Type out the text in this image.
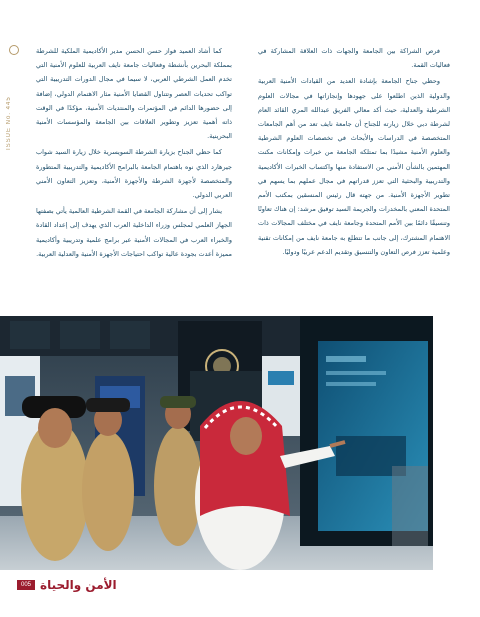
ISSUE No. 445

فرص الشراكة بين الجامعة والجهات ذات العلاقة المشاركة في فعاليات القمة.

وحظي جناح الجامعة بإشادة العديد من القيادات الأمنية العربية والدولية الذين اطلعوا على جهودها وإنجازاتها في مجالات العلوم الشرطية والعدلية، حيث أكد معالي الفريق عبدالله المري القائد العام لشرطة دبي خلال زيارته للجناح أن جامعة نايف تعد من أهم الجامعات المتخصصة في الدراسات والأبحاث في تخصصات العلوم الشرطية والعلوم الأمنية مشيدًا بما تمتلكه الجامعة من خبرات وإمكانات مكنت المهتمين بالشأن الأمني من الاستفادة منها واكتساب الخبرات الأكاديمية والتدريبية والبحثية التي تعزز قدراتهم في مجال عملهم بما يسهم في تطوير الأجهزة الأمنية. من جهته قال رئيس المنسقين بمكتب الأمم المتحدة المعني بالمخدرات والجريمة السيد توفيق مرشد: إن هناك تعاونًا وتنسيقًا دائمًا بين الأمم المتحدة وجامعة نايف في مختلف المجالات ذات الاهتمام المشترك، إلى جانب ما تتطلع به جامعة نايف من إمكانات تقنية وعلمية تعزز فرص التعاون والتنسيق وتقديم الدعم عربيًا ودوليًا.

كما أشاد العميد فواز حسن الحسن مدير الأكاديمية الملكية للشرطة بمملكة البحرين بأنشطة وفعاليات جامعة نايف العربية للعلوم الأمنية التي تخدم العمل الشرطي العربي، لا سيما في مجال الدورات التدريبية التي تواكب تحديات العصر وتتناول القضايا الأمنية مثار الاهتمام الدولي، إضافة إلى حضورها الدائم في المؤتمرات والمنتديات الأمنية، مؤكدًا في الوقت ذاته أهمية تعزيز وتطوير العلاقات بين الجامعة والمؤسسات الأمنية البحرينية.

كما حظي الجناح بزيارة الشرطة السويسرية خلال زيارة السيد شواب جيرهارد الذي نوه باهتمام الجامعة بالبرامج الأكاديمية والتدريبية المتطورة والمتخصصة لأجهزة الشرطة والأجهزة الأمنية، وتعزيز التعاون الأمني العربي الدولي.

يشار إلى أن مشاركة الجامعة في القمة الشرطية العالمية يأتي بصفتها الجهاز العلمي لمجلس وزراء الداخلية العرب الذي يهدف إلى إعداد القادة والخبراء العرب في المجالات الأمنية عبر برامج علمية وتدريبية وأكاديمية مميزة أعدت بجودة عالية تواكب احتياجات الأجهزة الأمنية والعدلية العربية.

الأمن والحياة
005
